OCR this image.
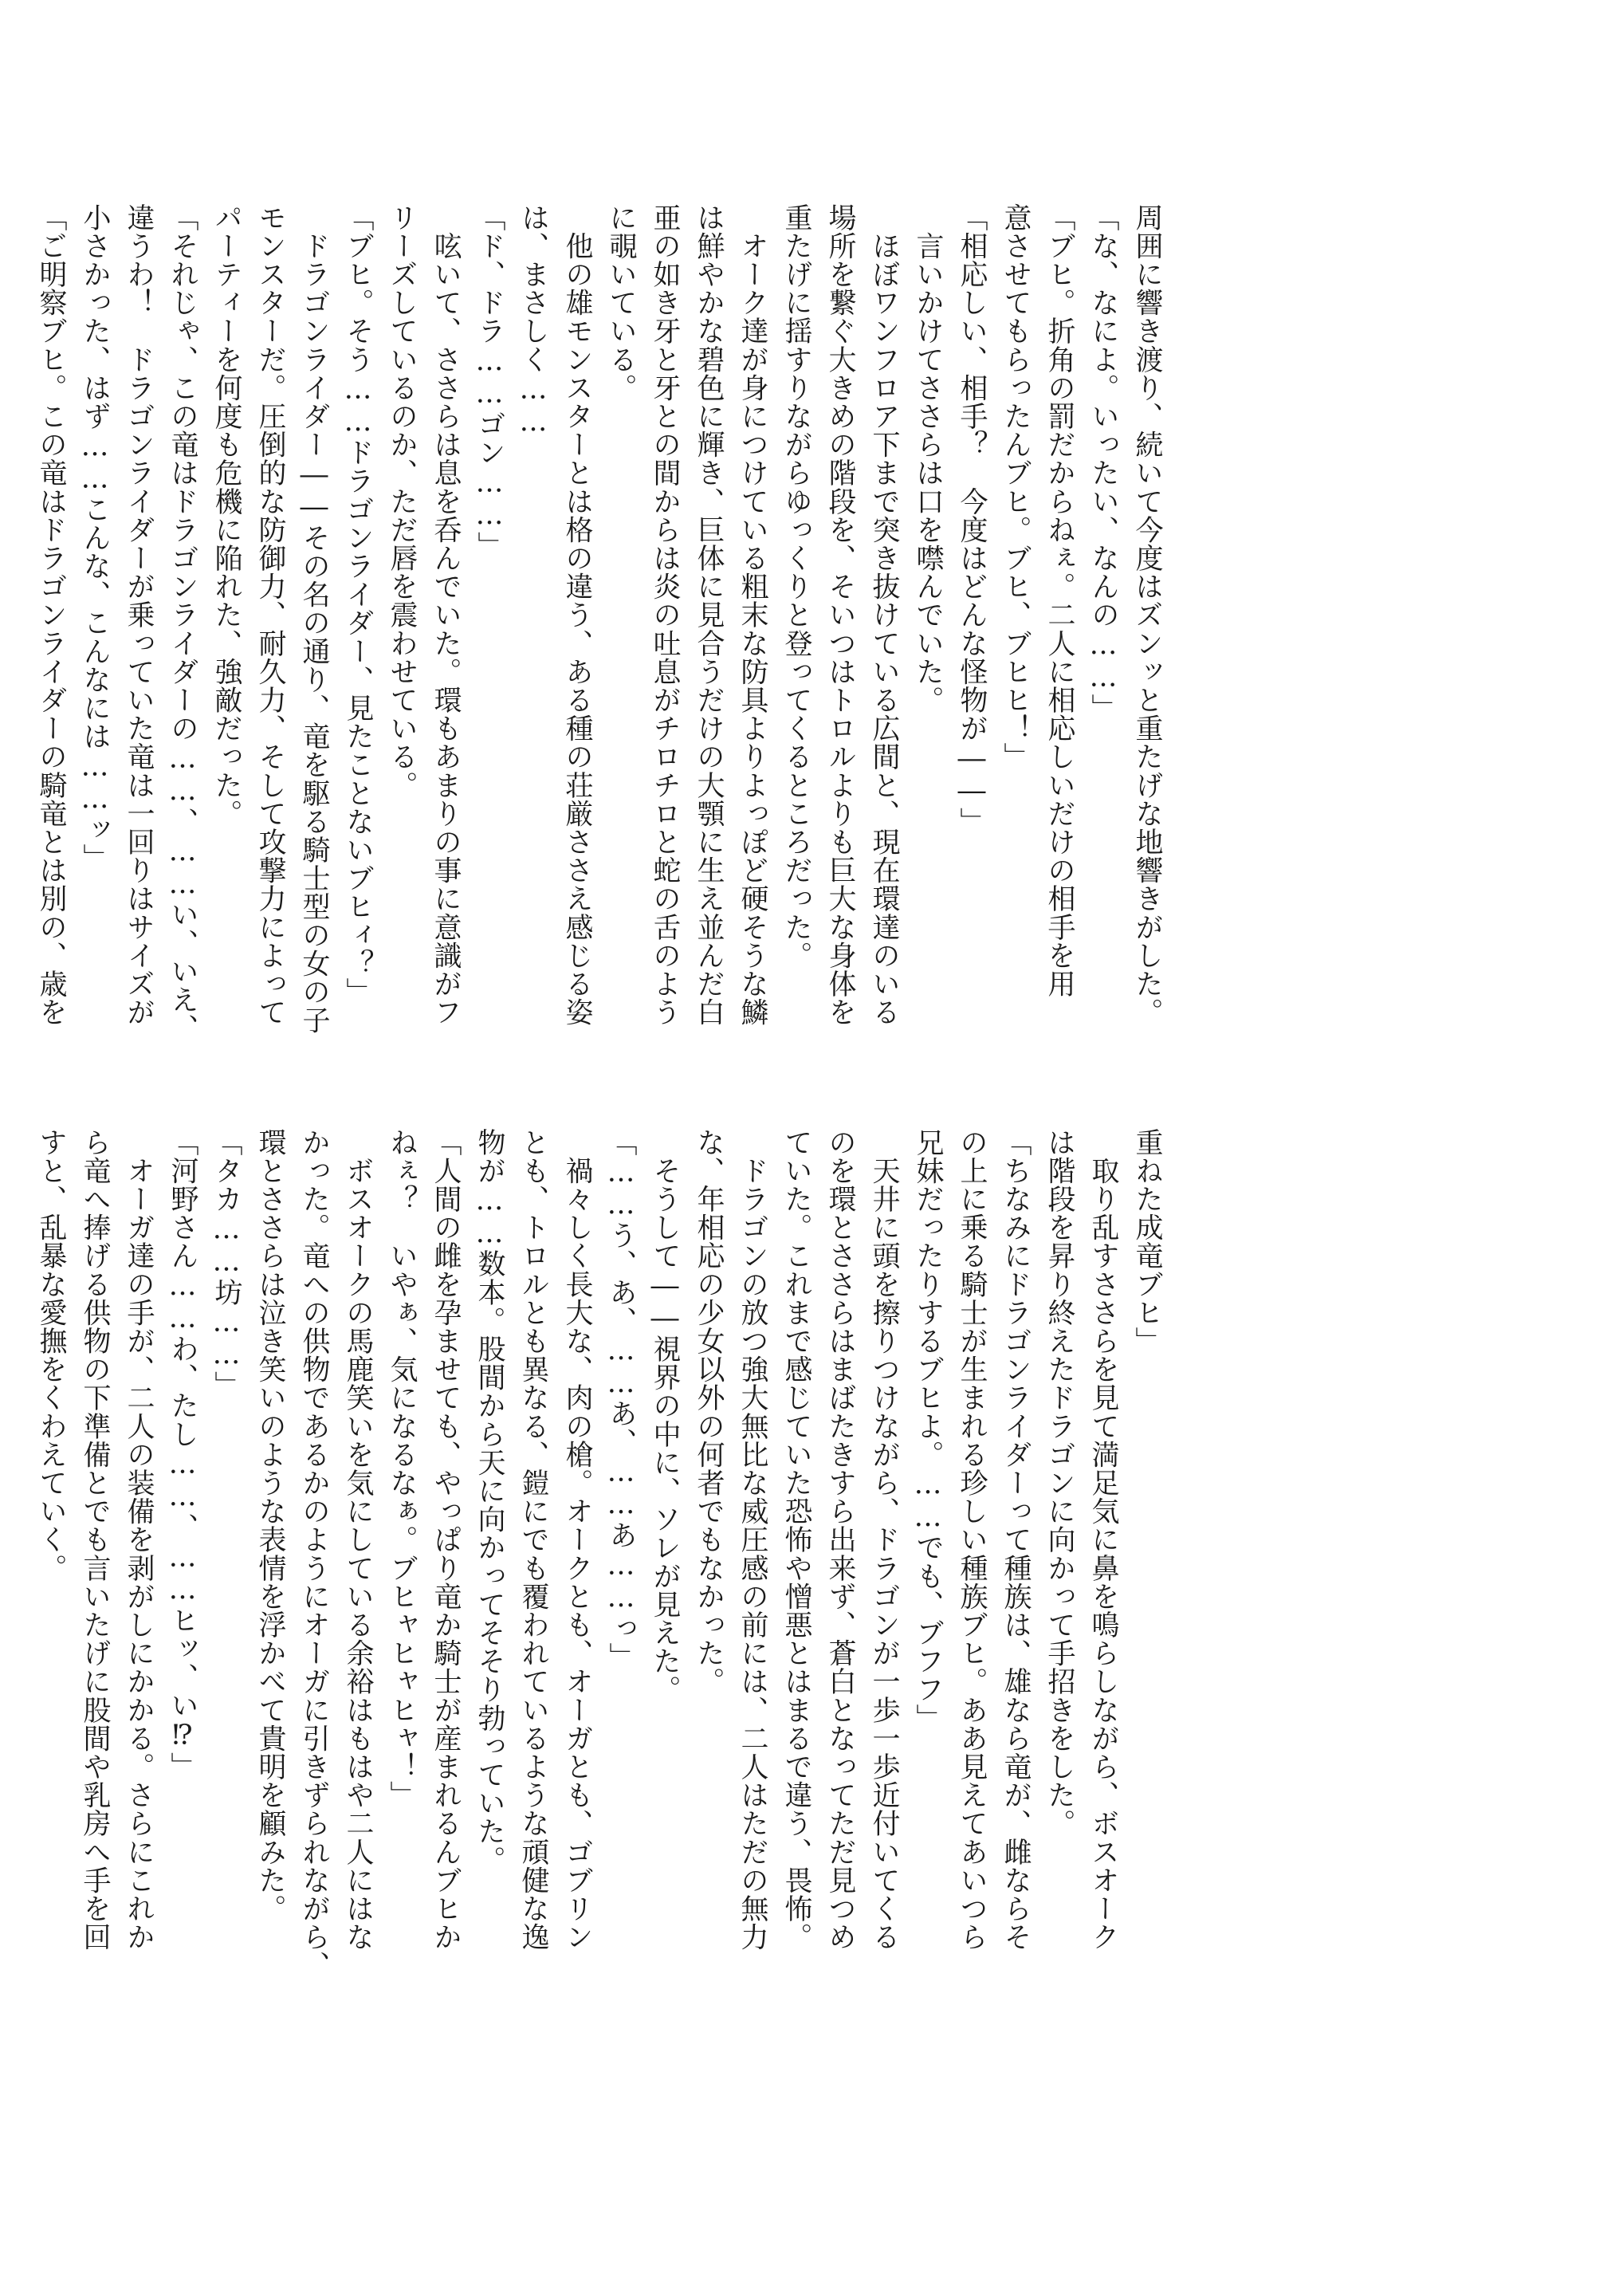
周囲に響き渡り、続いて今度はズンッと重たげな地響きがした。

「な、なによ。いったい、なんの……」

「ブヒ。折角の罰だからねぇ。二人に相応しいだけの相手を用

意させてもらったんブヒ。ブヒ、ブヒヒ！」

「相応しい、相手？　今度はどんな怪物が――」

　言いかけてささらは口を噤んでいた。

　ほぼワンフロア下まで突き抜けている広間と、現在環達のいる

場所を繋ぐ大きめの階段を、そいつはトロルよりも巨大な身体を

重たげに揺すりながらゆっくりと登ってくるところだった。

　オーク達が身につけている粗末な防具よりよっぽど硬そうな鱗

は鮮やかな碧色に輝き、巨体に見合うだけの大顎に生え並んだ白

亜の如き牙と牙との間からは炎の吐息がチロチロと蛇の舌のよう

に覗いている。

　他の雄モンスターとは格の違う、ある種の荘厳ささえ感じる姿

は、まさしく……

「ド、ドラ……ゴン……」

　呟いて、ささらは息を呑んでいた。環もあまりの事に意識がフ

リーズしているのか、ただ唇を震わせている。

「ブヒ。そう……ドラゴンライダー、見たことないブヒィ？」

　ドラゴンライダー――その名の通り、竜を駆る騎士型の女の子

モンスターだ。圧倒的な防御力、耐久力、そして攻撃力によって

パーティーを何度も危機に陥れた、強敵だった。

「それじゃ、この竜はドラゴンライダーの……、……い、いえ、

違うわ！　ドラゴンライダーが乗っていた竜は一回りはサイズが

小さかった、はず……こんな、こんなには……ッ」

「ご明察ブヒ。この竜はドラゴンライダーの騎竜とは別の、歳を

重ねた成竜ブヒ」

　取り乱すささらを見て満足気に鼻を鳴らしながら、ボスオーク

は階段を昇り終えたドラゴンに向かって手招きをした。

「ちなみにドラゴンライダーって種族は、雄なら竜が、雌ならそ

の上に乗る騎士が生まれる珍しい種族ブヒ。ああ見えてあいつら

兄妹だったりするブヒよ。……でも、ブフフ」

　天井に頭を擦りつけながら、ドラゴンが一歩一歩近付いてくる

のを環とささらはまばたきすら出来ず、蒼白となってただ見つめ

ていた。これまで感じていた恐怖や憎悪とはまるで違う、畏怖。

　ドラゴンの放つ強大無比な威圧感の前には、二人はただの無力

な、年相応の少女以外の何者でもなかった。

　そうして――視界の中に、ソレが見えた。

「……う、あ、……あ、……あ……っ」

　禍々しく長大な、肉の槍。オークとも、オーガとも、ゴブリン

とも、トロルとも異なる、鎧にでも覆われているような頑健な逸

物が……数本。股間から天に向かってそそり勃っていた。

「人間の雌を孕ませても、やっぱり竜か騎士が産まれるんブヒか

ねぇ？　いやぁ、気になるなぁ。ブヒャヒャヒャ！」

　ボスオークの馬鹿笑いを気にしている余裕はもはや二人にはな

かった。竜への供物であるかのようにオーガに引きずられながら、

環とささらは泣き笑いのような表情を浮かべて貴明を顧みた。

「タカ……坊……」

「河野さん……わ、たし……、……ヒッ、い⁉」

　オーガ達の手が、二人の装備を剥がしにかかる。さらにこれか

ら竜へ捧げる供物の下準備とでも言いたげに股間や乳房へ手を回

すと、乱暴な愛撫をくわえていく。
